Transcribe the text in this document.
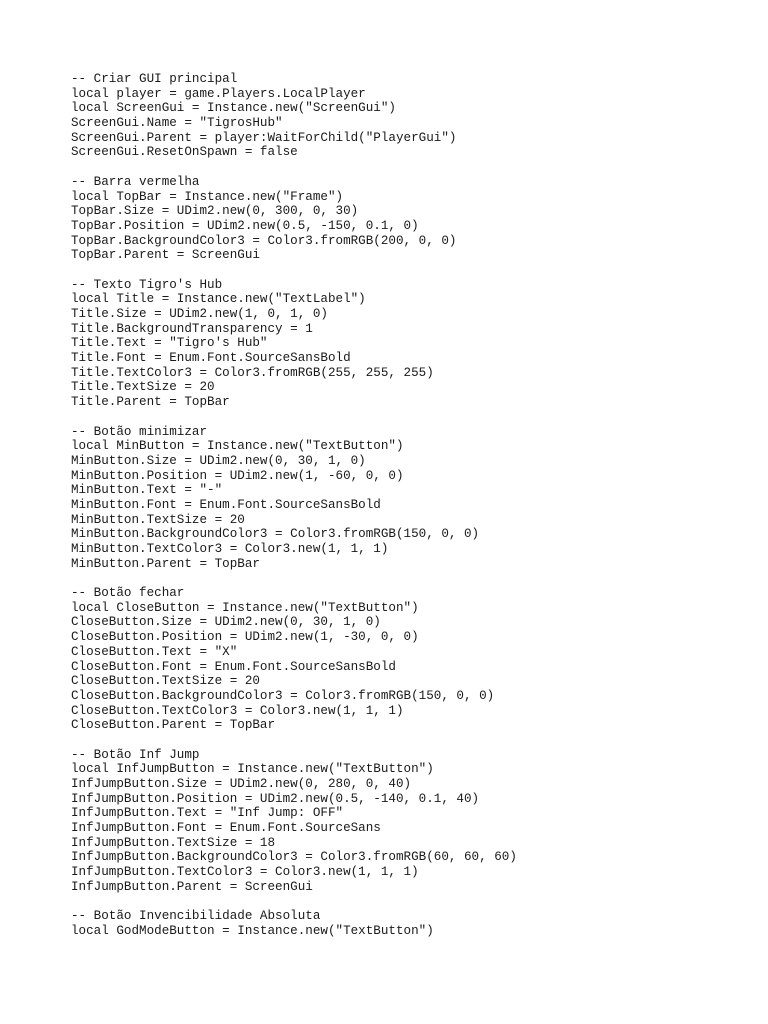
-- Criar GUI principal
local player = game.Players.LocalPlayer
local ScreenGui = Instance.new("ScreenGui")
ScreenGui.Name = "TigrosHub"
ScreenGui.Parent = player:WaitForChild("PlayerGui")
ScreenGui.ResetOnSpawn = false
-- Barra vermelha
local TopBar = Instance.new("Frame")
TopBar.Size = UDim2.new(0, 300, 0, 30)
TopBar.Position = UDim2.new(0.5, -150, 0.1, 0)
TopBar.BackgroundColor3 = Color3.fromRGB(200, 0, 0)
TopBar.Parent = ScreenGui
-- Texto Tigro's Hub
local Title = Instance.new("TextLabel")
Title.Size = UDim2.new(1, 0, 1, 0)
Title.BackgroundTransparency = 1
Title.Text = "Tigro's Hub"
Title.Font = Enum.Font.SourceSansBold
Title.TextColor3 = Color3.fromRGB(255, 255, 255)
Title.TextSize = 20
Title.Parent = TopBar
-- Botão minimizar
local MinButton = Instance.new("TextButton")
MinButton.Size = UDim2.new(0, 30, 1, 0)
MinButton.Position = UDim2.new(1, -60, 0, 0)
MinButton.Text = "-"
MinButton.Font = Enum.Font.SourceSansBold
MinButton.TextSize = 20
MinButton.BackgroundColor3 = Color3.fromRGB(150, 0, 0)
MinButton.TextColor3 = Color3.new(1, 1, 1)
MinButton.Parent = TopBar
-- Botão fechar
local CloseButton = Instance.new("TextButton")
CloseButton.Size = UDim2.new(0, 30, 1, 0)
CloseButton.Position = UDim2.new(1, -30, 0, 0)
CloseButton.Text = "X"
CloseButton.Font = Enum.Font.SourceSansBold
CloseButton.TextSize = 20
CloseButton.BackgroundColor3 = Color3.fromRGB(150, 0, 0)
CloseButton.TextColor3 = Color3.new(1, 1, 1)
CloseButton.Parent = TopBar
-- Botão Inf Jump
local InfJumpButton = Instance.new("TextButton")
InfJumpButton.Size = UDim2.new(0, 280, 0, 40)
InfJumpButton.Position = UDim2.new(0.5, -140, 0.1, 40)
InfJumpButton.Text = "Inf Jump: OFF"
InfJumpButton.Font = Enum.Font.SourceSans
InfJumpButton.TextSize = 18
InfJumpButton.BackgroundColor3 = Color3.fromRGB(60, 60, 60)
InfJumpButton.TextColor3 = Color3.new(1, 1, 1)
InfJumpButton.Parent = ScreenGui
-- Botão Invencibilidade Absoluta
local GodModeButton = Instance.new("TextButton")
